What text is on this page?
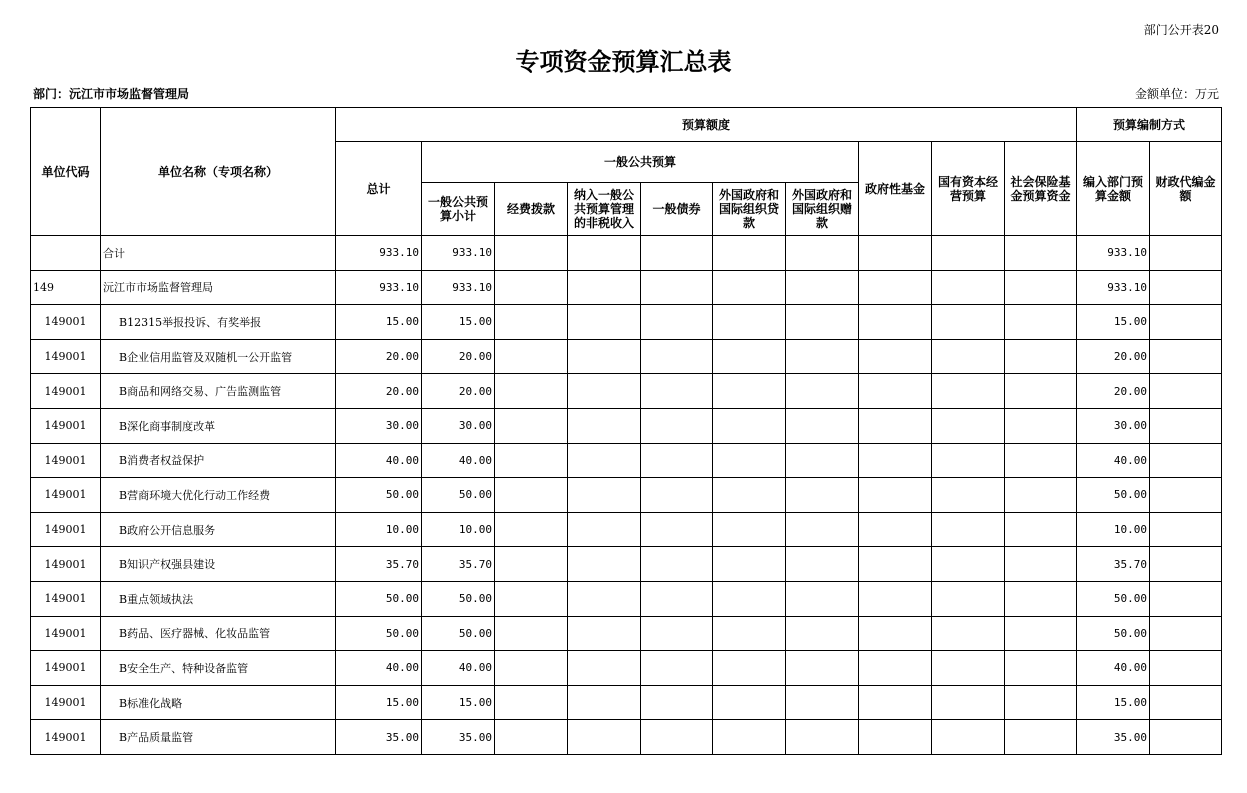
部门公开表20
专项资金预算汇总表
部门：沅江市市场监督管理局	金额单位：万元
单位代码	单位名称（专项名称）	预算额度										预算编制方式	
		总计	一般公共预算						政府性基金	国有资本经营预算	社会保险基金预算资金	编入部门预算金额	财政代编金额
			一般公共预算小计	经费拨款	纳入一般公共预算管理的非税收入	一般债券	外国政府和国际组织贷款	外国政府和国际组织赠款					
	合计	933.10	933.10									933.10	
149	沅江市市场监督管理局	933.10	933.10									933.10	
149001	B12315举报投诉、有奖举报	15.00	15.00									15.00	
149001	B企业信用监管及双随机一公开监管	20.00	20.00									20.00	
149001	B商品和网络交易、广告监测监管	20.00	20.00									20.00	
149001	B深化商事制度改革	30.00	30.00									30.00	
149001	B消费者权益保护	40.00	40.00									40.00	
149001	B营商环境大优化行动工作经费	50.00	50.00									50.00	
149001	B政府公开信息服务	10.00	10.00									10.00	
149001	B知识产权强县建设	35.70	35.70									35.70	
149001	B重点领域执法	50.00	50.00									50.00	
149001	B药品、医疗器械、化妆品监管	50.00	50.00									50.00	
149001	B安全生产、特种设备监管	40.00	40.00									40.00	
149001	B标准化战略	15.00	15.00									15.00	
149001	B产品质量监管	35.00	35.00									35.00	
